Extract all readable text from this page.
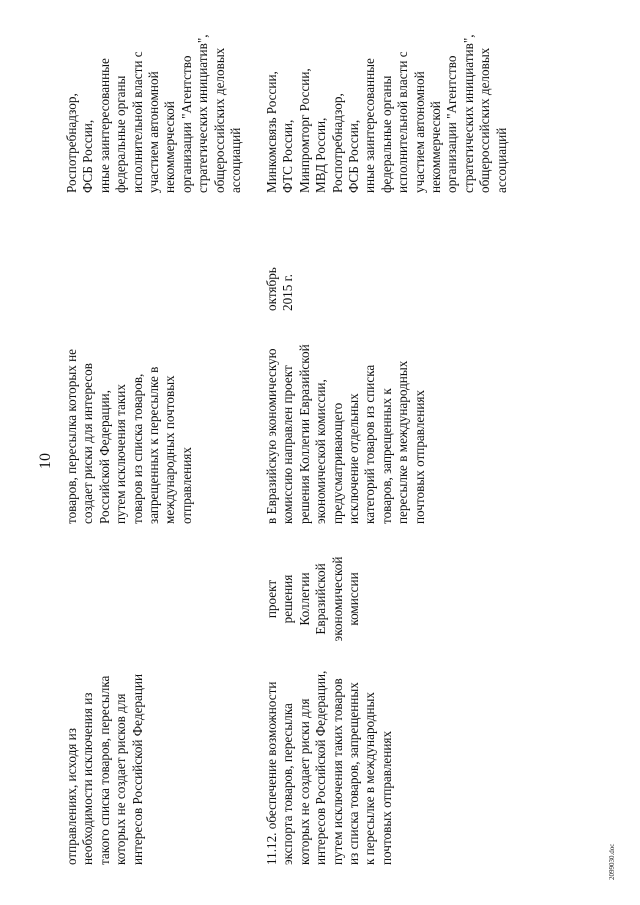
10
отправлениях, исходя из
необходимости исключения из
такого списка товаров, пересылка
которых не создает рисков для
интересов Российской Федерации
товаров, пересылка которых не
создает риски для интересов
Российской Федерации,
путем исключения таких
товаров из списка товаров,
запрещенных к пересылке в
международных почтовых
отправлениях
Роспотребнадзор,
ФСБ России,
иные заинтересованные
федеральные органы
исполнительной власти с
участием автономной
некоммерческой
организации "Агентство
стратегических инициатив",
общероссийских деловых
ассоциаций
11.12. обеспечение возможности
экспорта товаров, пересылка
которых не создает риски для
интересов Российской Федерации,
путем исключения таких товаров
из списка товаров, запрещенных
к пересылке в международных
почтовых отправлениях
проект
решения
Коллегии
Евразийской
экономической
комиссии
в Евразийскую экономическую
комиссию направлен проект
решения Коллегии Евразийской
экономической комиссии,
предусматривающего
исключение отдельных
категорий товаров из списка
товаров, запрещенных к
пересылке в международных
почтовых отправлениях
октябрь
2015 г.
Минкомсвязь России,
ФТС России,
Минпромторг России,
МВД России,
Роспотребнадзор,
ФСБ России,
иные заинтересованные
федеральные органы
исполнительной власти с
участием автономной
некоммерческой
организации "Агентство
стратегических инициатив",
общероссийских деловых
ассоциаций
2099030.doc
